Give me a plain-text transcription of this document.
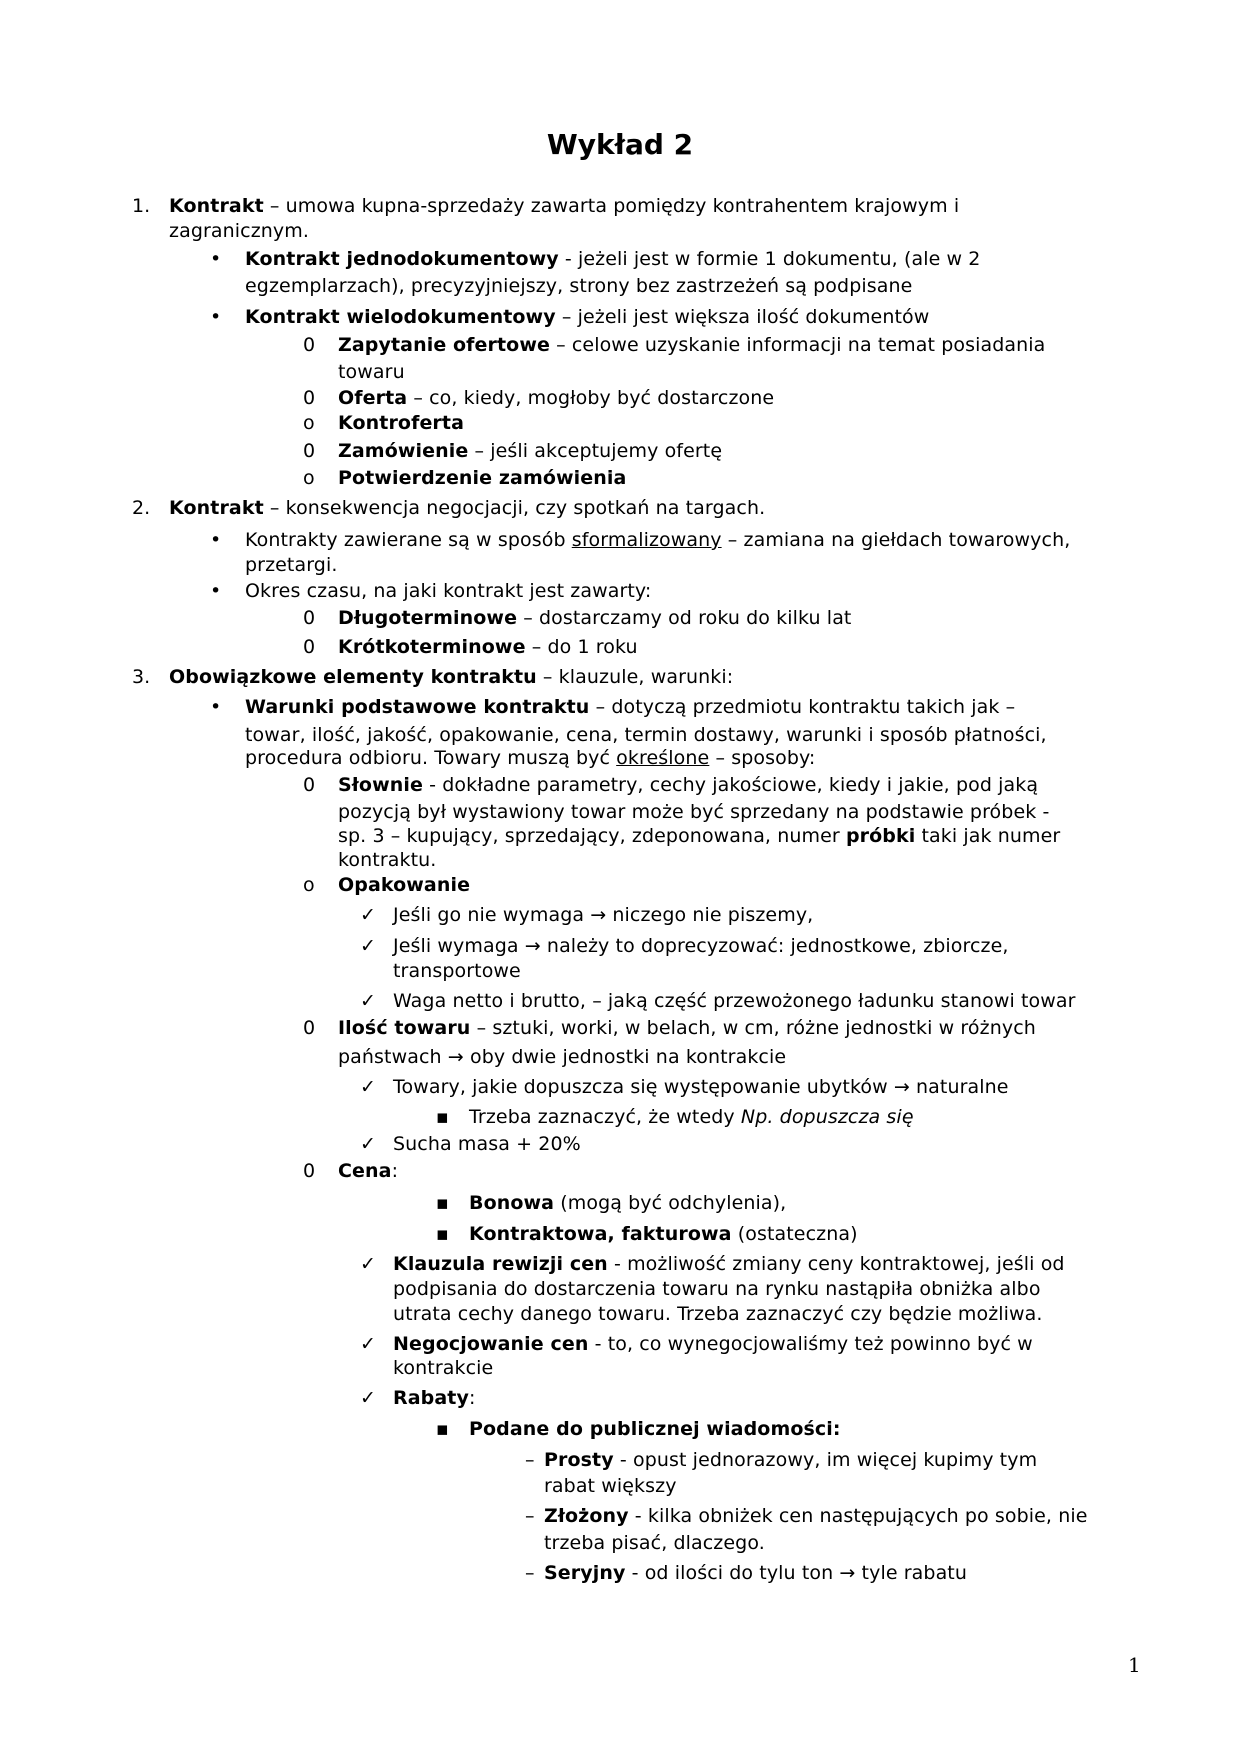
Wykład 2
1. Kontrakt – umowa kupna-sprzedaży zawarta pomiędzy kontrahentem krajowym i
zagranicznym.
• Kontrakt jednodokumentowy - jeżeli jest w formie 1 dokumentu, (ale w 2
egzemplarzach), precyzyjniejszy, strony bez zastrzeżeń są podpisane
• Kontrakt wielodokumentowy – jeżeli jest większa ilość dokumentów
0 Zapytanie ofertowe – celowe uzyskanie informacji na temat posiadania
towaru
0 Oferta – co, kiedy, mogłoby być dostarczone
o Kontroferta
0 Zamówienie – jeśli akceptujemy ofertę
o Potwierdzenie zamówienia
2. Kontrakt – konsekwencja negocjacji, czy spotkań na targach.
• Kontrakty zawierane są w sposób sformalizowany – zamiana na giełdach towarowych,
przetargi.
• Okres czasu, na jaki kontrakt jest zawarty:
0 Długoterminowe – dostarczamy od roku do kilku lat
0 Krótkoterminowe – do 1 roku
3. Obowiązkowe elementy kontraktu – klauzule, warunki:
• Warunki podstawowe kontraktu – dotyczą przedmiotu kontraktu takich jak –
towar, ilość, jakość, opakowanie, cena, termin dostawy, warunki i sposób płatności,
procedura odbioru. Towary muszą być określone – sposoby:
0 Słownie - dokładne parametry, cechy jakościowe, kiedy i jakie, pod jaką
pozycją był wystawiony towar może być sprzedany na podstawie próbek -
sp. 3 – kupujący, sprzedający, zdeponowana, numer próbki taki jak numer
kontraktu.
o Opakowanie
✓ Jeśli go nie wymaga → niczego nie piszemy,
✓ Jeśli wymaga → należy to doprecyzować: jednostkowe, zbiorcze,
transportowe
✓ Waga netto i brutto, – jaką część przewożonego ładunku stanowi towar
0 Ilość towaru – sztuki, worki, w belach, w cm, różne jednostki w różnych
państwach → oby dwie jednostki na kontrakcie
✓ Towary, jakie dopuszcza się występowanie ubytków → naturalne
▪ Trzeba zaznaczyć, że wtedy Np. dopuszcza się
✓ Sucha masa + 20%
0 Cena:
▪ Bonowa (mogą być odchylenia),
▪ Kontraktowa, fakturowa (ostateczna)
✓ Klauzula rewizji cen - możliwość zmiany ceny kontraktowej, jeśli od
podpisania do dostarczenia towaru na rynku nastąpiła obniżka albo
utrata cechy danego towaru. Trzeba zaznaczyć czy będzie możliwa.
✓ Negocjowanie cen - to, co wynegocjowaliśmy też powinno być w
kontrakcie
✓ Rabaty:
▪ Podane do publicznej wiadomości:
– Prosty - opust jednorazowy, im więcej kupimy tym
rabat większy
– Złożony - kilka obniżek cen następujących po sobie, nie
trzeba pisać, dlaczego.
– Seryjny - od ilości do tylu ton → tyle rabatu
1
